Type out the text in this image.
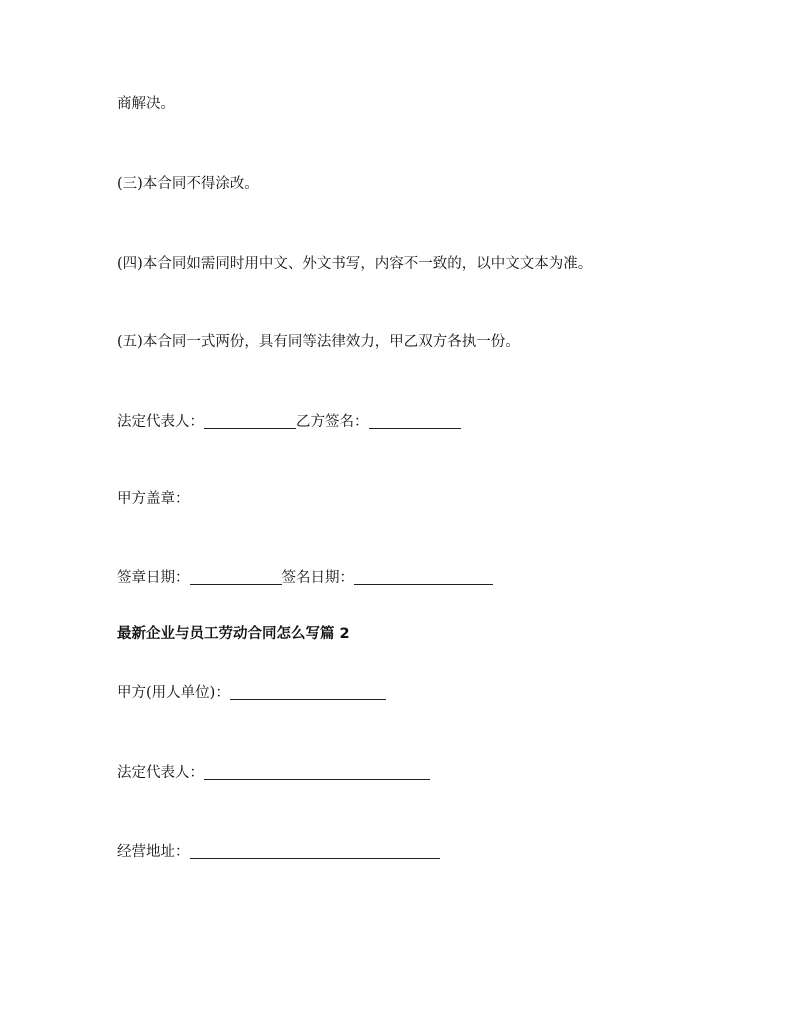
商解决。
(三)本合同不得涂改。
(四)本合同如需同时用中文、外文书写，内容不一致的，以中文文本为准。
(五)本合同一式两份，具有同等法律效力，甲乙双方各执一份。
法定代表人：	乙方签名：
甲方盖章：
签章日期：	签名日期：
最新企业与员工劳动合同怎么写篇 2
甲方(用人单位)：
法定代表人：
经营地址：
